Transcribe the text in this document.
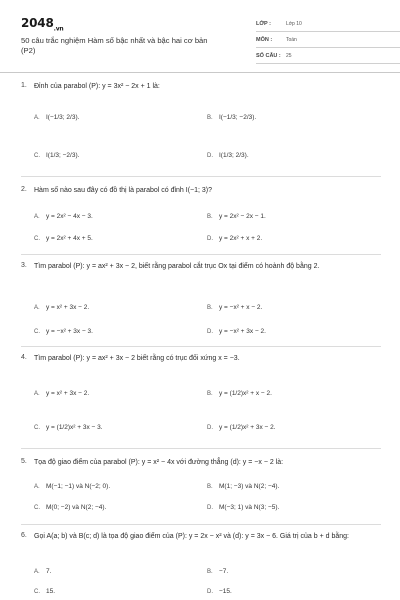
$2048_{.vn}$
50 câu trắc nghiệm Hàm số bậc nhất và bậc hai cơ bản
(P2)
LỚP :	Lớp 10
MÔN :	Toán
SỐ CÂU : 25
1. Đỉnh của parabol (P): y = 3x² − 2x + 1 là:
A. I(−1/3; 2/3).	B. I(−1/3; −2/3).
C. I(1/3; −2/3).	D. I(1/3; 2/3).
2. Hàm số nào sau đây có đồ thị là parabol có đỉnh I(−1; 3)?
A. y = 2x² − 4x − 3.	B. y = 2x² − 2x − 1.
C. y = 2x² + 4x + 5.	D. y = 2x² + x + 2.
3. Tìm parabol (P): y = ax² + 3x − 2, biết rằng parabol cắt trục Ox tại điểm có hoành độ bằng 2.
A. y = x² + 3x − 2.	B. y = −x² + x − 2.
C. y = −x² + 3x − 3.	D. y = −x² + 3x − 2.
4. Tìm parabol (P): y = ax² + 3x − 2 biết rằng có trục đối xứng x = −3.
A. y = x² + 3x − 2.	B. y = (1/2)x² + x − 2.
C. y = (1/2)x² + 3x − 3.	D. y = (1/2)x² + 3x − 2.
5. Tọa độ giao điểm của parabol (P): y = x² − 4x với đường thẳng (d): y = −x − 2 là:
A. M(−1; −1) và N(−2; 0).	B. M(1; −3) và N(2; −4).
C. M(0; −2) và N(2; −4).	D. M(−3; 1) và N(3; −5).
6. Gọi A(a; b) và B(c; d) là tọa độ giao điểm của (P): y = 2x − x² và (d): y = 3x − 6. Giá trị của b + d bằng:
A. 7.	B. −7.
C. 15.	D. −15.
